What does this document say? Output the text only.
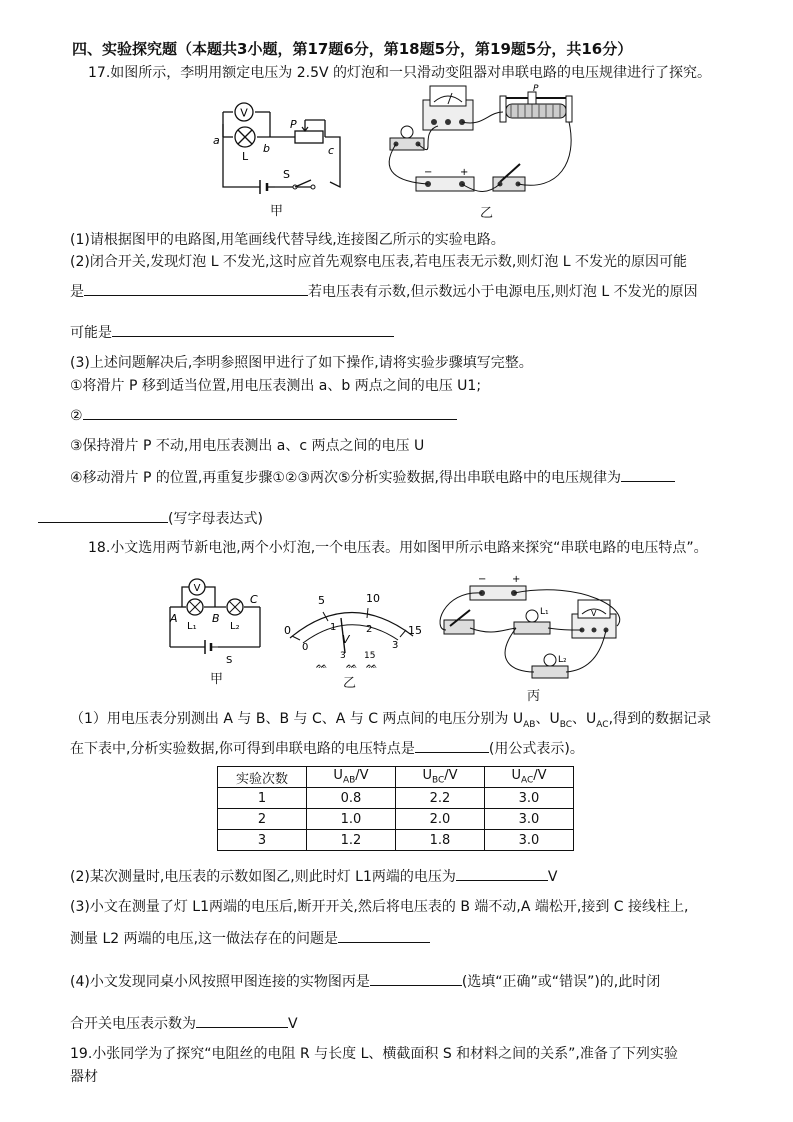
四、实验探究题（本题共3小题，第17题6分，第18题5分，第19题5分，共16分）
17.如图所示，李明用额定电压为 2.5V 的灯泡和一只滑动变阻器对串联电路的电压规律进行了探究。
V
a
b	c
L
P
S
甲
P
−	+
乙
(1)请根据图甲的电路图,用笔画线代替导线,连接图乙所示的实验电路。
(2)闭合开关,发现灯泡 L 不发光,这时应首先观察电压表,若电压表无示数,则灯泡 L 不发光的原因可能
是	若电压表有示数,但示数远小于电源电压,则灯泡 L 不发光的原因
可能是
(3)上述问题解决后,李明参照图甲进行了如下操作,请将实验步骤填写完整。
①将滑片 P 移到适当位置,用电压表测出 a、b 两点之间的电压 U1;
②
③保持滑片 P 不动,用电压表测出 a、c 两点之间的电压 U
④移动滑片 P 的位置,再重复步骤①②③两次⑤分析实验数据,得出串联电路中的电压规律为
(写字母表达式)
18.小文选用两节新电池,两个小灯泡,一个电压表。用如图甲所示电路来探究“串联电路的电压特点”。
V
A	B
C
L₁	L₂
S
甲
0
5	10
15
0
1	2
3
V
3 15
ᨐ ᨐ ᨐ
乙
−	+
L₁
L₂
V
丙
（1）用电压表分别测出 A 与 B、B 与 C、A 与 C 两点间的电压分别为 $U_{AB}$、$U_{BC}$、$U_{AC}$,得到的数据记录
在下表中,分析实验数据,你可得到串联电路的电压特点是	(用公式表示)。
实验次数	$U_{AB}/V$	$U_{BC}/V$	$U_{AC}/V$
1	0.8	2.2	3.0
2	1.0	2.0	3.0
3	1.2	1.8	3.0
(2)某次测量时,电压表的示数如图乙,则此时灯 L1两端的电压为	V
(3)小文在测量了灯 L1两端的电压后,断开开关,然后将电压表的 B 端不动,A 端松开,接到 C 接线柱上,
测量 L2 两端的电压,这一做法存在的问题是
(4)小文发现同桌小风按照甲图连接的实物图丙是	(选填“正确”或“错误”)的,此时闭
合开关电压表示数为	V
19.小张同学为了探究“电阻丝的电阻 R 与长度 L、横截面积 S 和材料之间的关系”,准备了下列实验
器材
